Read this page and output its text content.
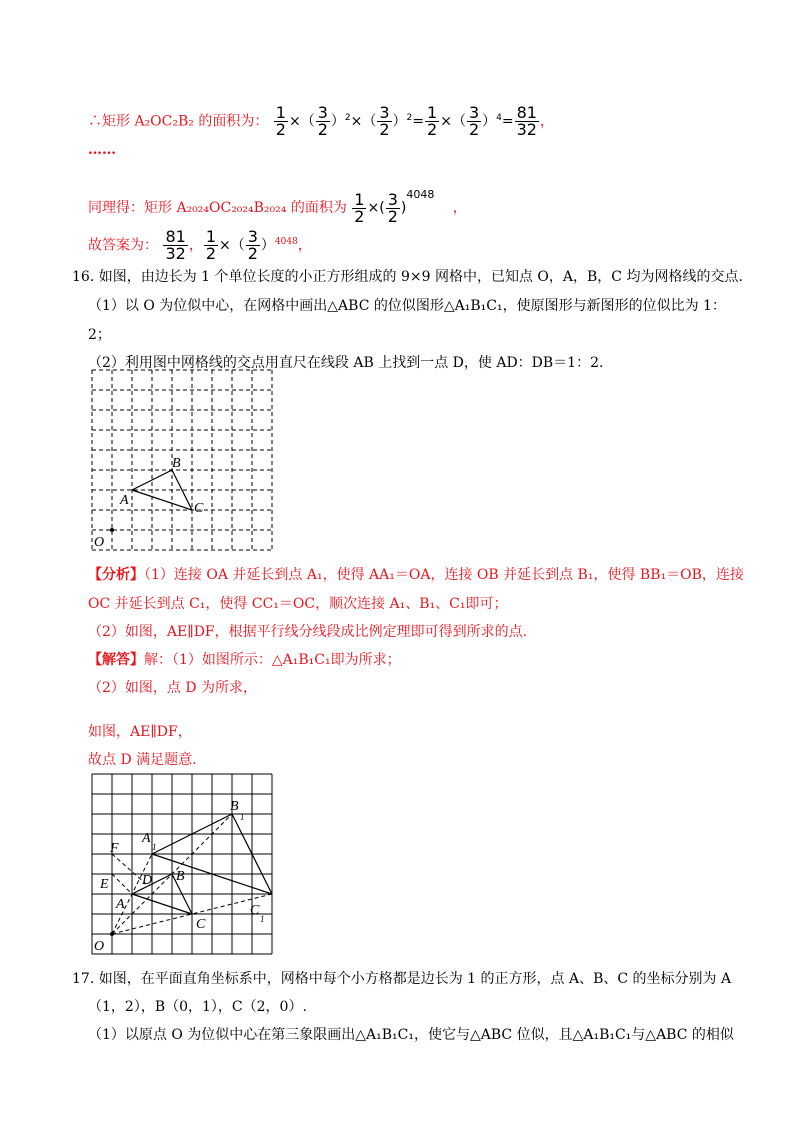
∴矩形 A₂OC₂B₂ 的面积为： $\frac{1}{2}$ ×（ $\frac{3}{2} )^2\times( \frac{3}{2} )^2= \frac{1}{2}$ ×（ $\frac{3}{2} )^4= \frac{81}{32}$ ，
……
同理得：矩形 A₂₀₂₄OC₂₀₂₄B₂₀₂₄ 的面积为 $\frac{1}{2}$ ×( $\frac{3}{2} )^{4048}$ ，
故答案为： $\frac{81}{32}$ ， $\frac{1}{2}$ ×（ $\frac{3}{2} )^{4048}$，
16. 如图，由边长为 1 个单位长度的小正方形组成的 9×9 网格中，已知点 O，A，B，C 均为网格线的交点.
（1）以 O 为位似中心，在网格中画出△ABC 的位似图形△A₁B₁C₁，使原图形与新图形的位似比为 1：
2；
（2）利用图中网格线的交点用直尺在线段 AB 上找到一点 D，使 AD：DB＝1：2.
B
A
C
O
【分析】（1）连接 OA 并延长到点 A₁，使得 AA₁＝OA，连接 OB 并延长到点 B₁，使得 BB₁＝OB，连接
OC 并延长到点 C₁，使得 CC₁＝OC，顺次连接 A₁、B₁、C₁即可；
（2）如图，AE∥DF，根据平行线分线段成比例定理即可得到所求的点.
【解答】解：（1）如图所示：△A₁B₁C₁即为所求；
（2）如图，点 D 为所求，
如图，AE∥DF，
故点 D 满足题意.
B
1
A
1
F
E D B
A
C
C
1
O
17. 如图，在平面直角坐标系中，网格中每个小方格都是边长为 1 的正方形，点 A、B、C 的坐标分别为 A
（1，2），B（0，1），C（2，0）.
（1）以原点 O 为位似中心在第三象限画出△A₁B₁C₁，使它与△ABC 位似，且△A₁B₁C₁与△ABC 的相似
